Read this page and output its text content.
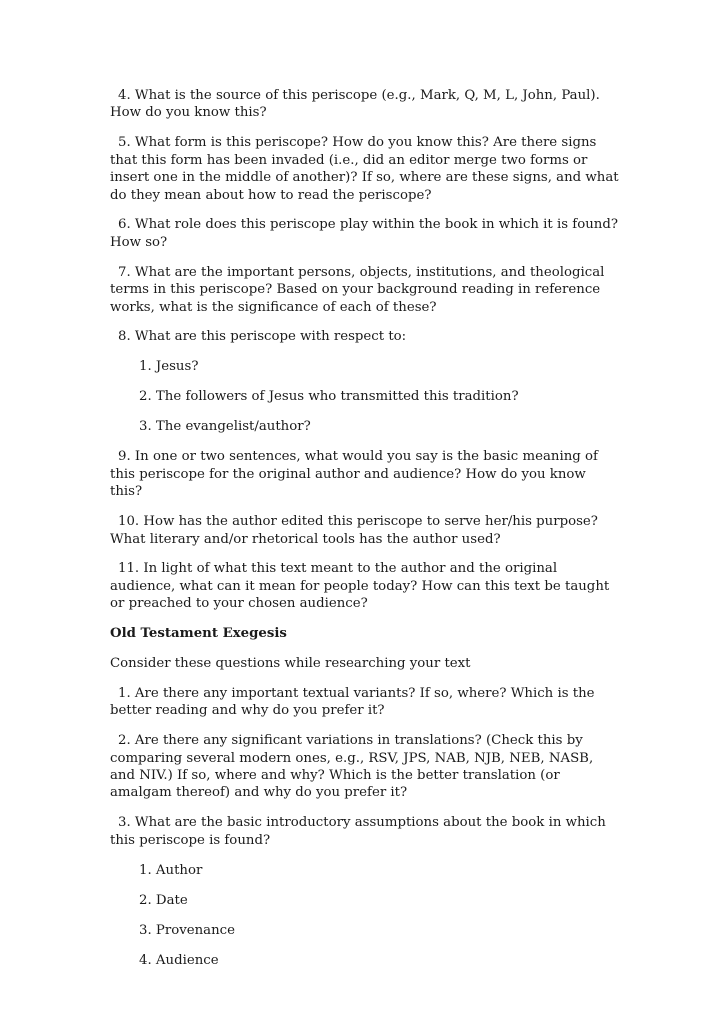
4. What is the source of this periscope (e.g., Mark, Q, M, L, John, Paul). How do you know this?

5. What form is this periscope? How do you know this? Are there signs that this form has been invaded (i.e., did an editor merge two forms or insert one in the middle of another)? If so, where are these signs, and what do they mean about how to read the periscope?

6. What role does this periscope play within the book in which it is found? How so?

7. What are the important persons, objects, institutions, and theological terms in this periscope? Based on your background reading in reference works, what is the significance of each of these?

8. What are this periscope with respect to:

1. Jesus?

2. The followers of Jesus who transmitted this tradition?

3. The evangelist/author?

9. In one or two sentences, what would you say is the basic meaning of this periscope for the original author and audience? How do you know this?

10. How has the author edited this periscope to serve her/his purpose? What literary and/or rhetorical tools has the author used?

11. In light of what this text meant to the author and the original audience, what can it mean for people today? How can this text be taught or preached to your chosen audience?

Old Testament Exegesis

Consider these questions while researching your text

1. Are there any important textual variants? If so, where? Which is the better reading and why do you prefer it?

2. Are there any significant variations in translations? (Check this by comparing several modern ones, e.g., RSV, JPS, NAB, NJB, NEB, NASB, and NIV.) If so, where and why? Which is the better translation (or amalgam thereof) and why do you prefer it?

3. What are the basic introductory assumptions about the book in which this periscope is found?

1. Author

2. Date

3. Provenance

4. Audience
